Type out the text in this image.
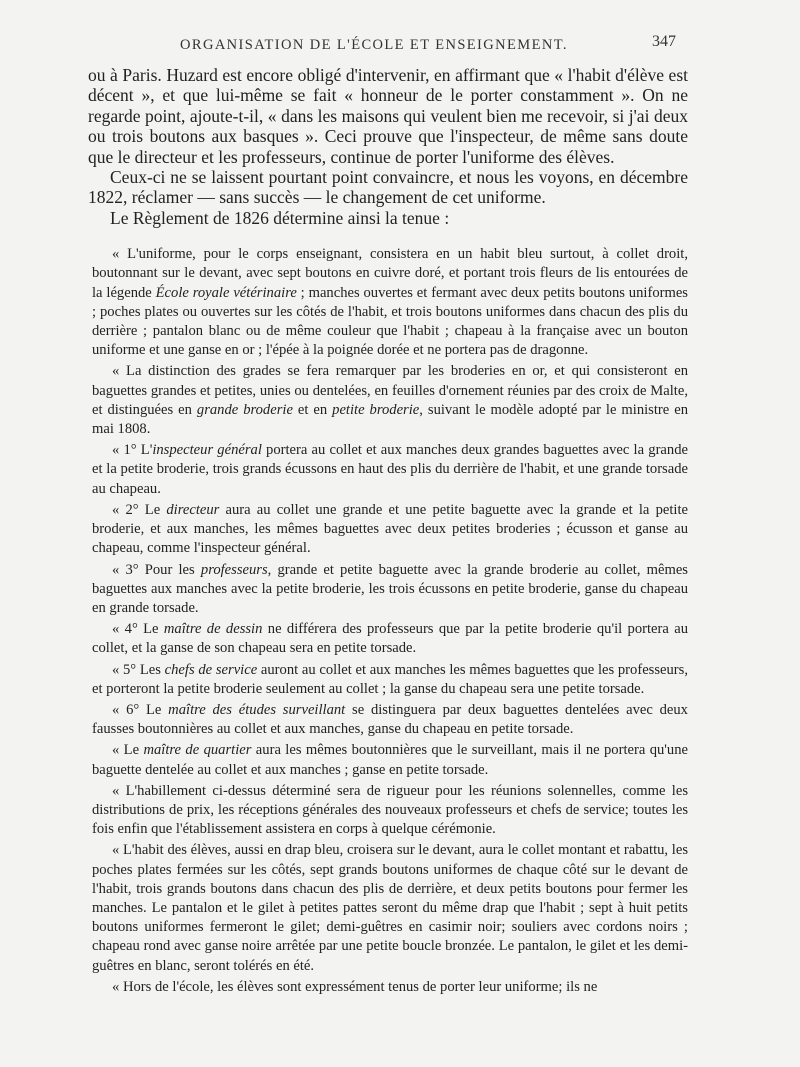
ORGANISATION DE L'ÉCOLE ET ENSEIGNEMENT.	347

ou à Paris. Huzard est encore obligé d'intervenir, en affirmant que « l'habit d'élève est décent », et que lui-même se fait « honneur de le porter constamment ». On ne regarde point, ajoute-t-il, « dans les maisons qui veulent bien me recevoir, si j'ai deux ou trois boutons aux basques ». Ceci prouve que l'inspecteur, de même sans doute que le directeur et les professeurs, continue de porter l'uniforme des élèves.

Ceux-ci ne se laissent pourtant point convaincre, et nous les voyons, en décembre 1822, réclamer — sans succès — le changement de cet uniforme.

Le Règlement de 1826 détermine ainsi la tenue :

« L'uniforme, pour le corps enseignant, consistera en un habit bleu surtout, à collet droit, boutonnant sur le devant, avec sept boutons en cuivre doré, et portant trois fleurs de lis entourées de la légende École royale vétérinaire ; manches ouvertes et fermant avec deux petits boutons uniformes ; poches plates ou ouvertes sur les côtés de l'habit, et trois boutons uniformes dans chacun des plis du derrière ; pantalon blanc ou de même couleur que l'habit ; chapeau à la française avec un bouton uniforme et une ganse en or ; l'épée à la poignée dorée et ne portera pas de dragonne.

« La distinction des grades se fera remarquer par les broderies en or, et qui consisteront en baguettes grandes et petites, unies ou dentelées, en feuilles d'ornement réunies par des croix de Malte, et distinguées en grande broderie et en petite broderie, suivant le modèle adopté par le ministre en mai 1808.

« 1° L'inspecteur général portera au collet et aux manches deux grandes baguettes avec la grande et la petite broderie, trois grands écussons en haut des plis du derrière de l'habit, et une grande torsade au chapeau.

« 2° Le directeur aura au collet une grande et une petite baguette avec la grande et la petite broderie, et aux manches, les mêmes baguettes avec deux petites broderies ; écusson et ganse au chapeau, comme l'inspecteur général.

« 3° Pour les professeurs, grande et petite baguette avec la grande broderie au collet, mêmes baguettes aux manches avec la petite broderie, les trois écussons en petite broderie, ganse du chapeau en grande torsade.

« 4° Le maître de dessin ne différera des professeurs que par la petite broderie qu'il portera au collet, et la ganse de son chapeau sera en petite torsade.

« 5° Les chefs de service auront au collet et aux manches les mêmes baguettes que les professeurs, et porteront la petite broderie seulement au collet ; la ganse du chapeau sera une petite torsade.

« 6° Le maître des études surveillant se distinguera par deux baguettes dentelées avec deux fausses boutonnières au collet et aux manches, ganse du chapeau en petite torsade.

« Le maître de quartier aura les mêmes boutonnières que le surveillant, mais il ne portera qu'une baguette dentelée au collet et aux manches ; ganse en petite torsade.

« L'habillement ci-dessus déterminé sera de rigueur pour les réunions solennelles, comme les distributions de prix, les réceptions générales des nouveaux professeurs et chefs de service; toutes les fois enfin que l'établissement assistera en corps à quelque cérémonie.

« L'habit des élèves, aussi en drap bleu, croisera sur le devant, aura le collet montant et rabattu, les poches plates fermées sur les côtés, sept grands boutons uniformes de chaque côté sur le devant de l'habit, trois grands boutons dans chacun des plis de derrière, et deux petits boutons pour fermer les manches. Le pantalon et le gilet à petites pattes seront du même drap que l'habit ; sept à huit petits boutons uniformes fermeront le gilet; demi-guêtres en casimir noir; souliers avec cordons noirs ; chapeau rond avec ganse noire arrêtée par une petite boucle bronzée. Le pantalon, le gilet et les demi-guêtres en blanc, seront tolérés en été.

« Hors de l'école, les élèves sont expressément tenus de porter leur uniforme; ils ne
